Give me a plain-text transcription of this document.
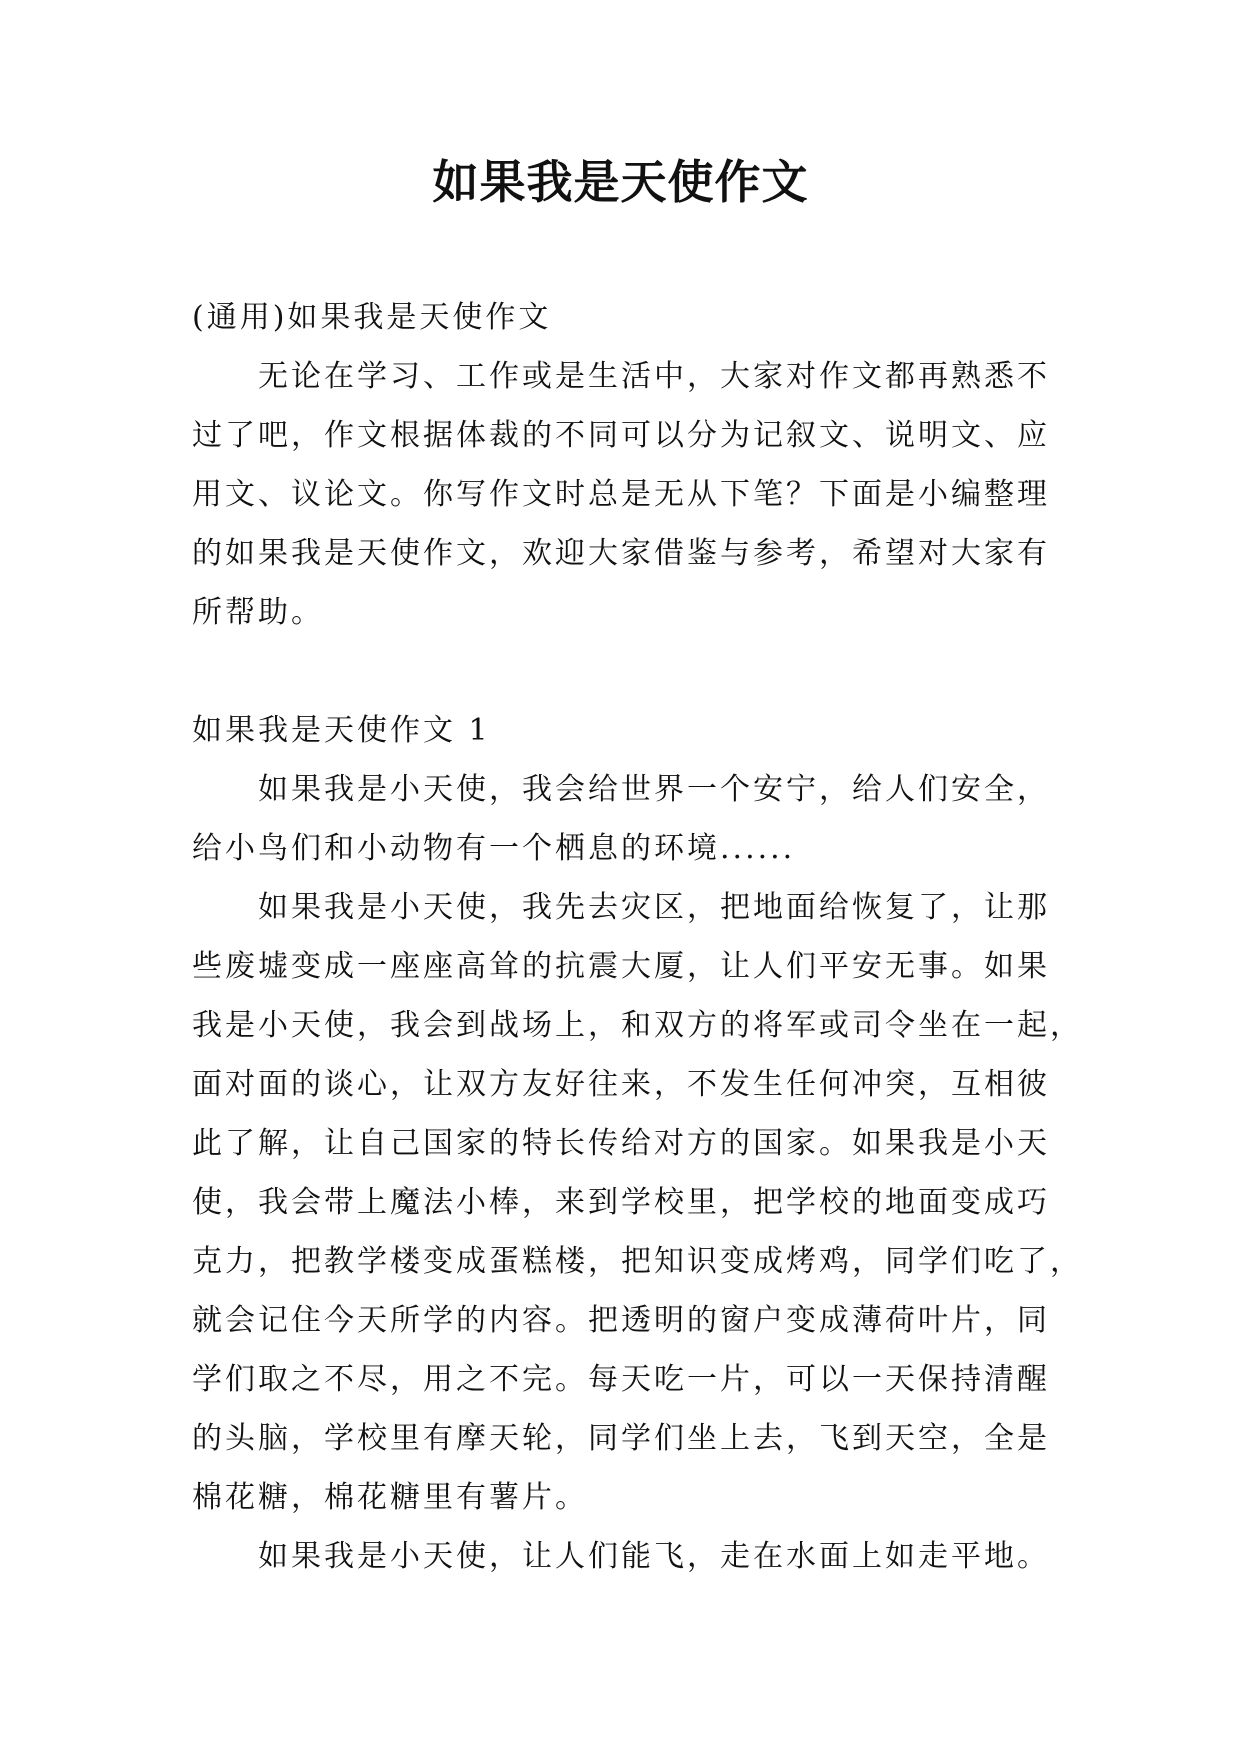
如果我是天使作文
(通用)如果我是天使作文
无论在学习、工作或是生活中，大家对作文都再熟悉不
过了吧，作文根据体裁的不同可以分为记叙文、说明文、应
用文、议论文。你写作文时总是无从下笔？下面是小编整理
的如果我是天使作文，欢迎大家借鉴与参考，希望对大家有
所帮助。
如果我是天使作文 1
如果我是小天使，我会给世界一个安宁，给人们安全，
给小鸟们和小动物有一个栖息的环境......
如果我是小天使，我先去灾区，把地面给恢复了，让那
些废墟变成一座座高耸的抗震大厦，让人们平安无事。如果
我是小天使，我会到战场上，和双方的将军或司令坐在一起，
面对面的谈心，让双方友好往来，不发生任何冲突，互相彼
此了解，让自己国家的特长传给对方的国家。如果我是小天
使，我会带上魔法小棒，来到学校里，把学校的地面变成巧
克力，把教学楼变成蛋糕楼，把知识变成烤鸡，同学们吃了，
就会记住今天所学的内容。把透明的窗户变成薄荷叶片，同
学们取之不尽，用之不完。每天吃一片，可以一天保持清醒
的头脑，学校里有摩天轮，同学们坐上去，飞到天空，全是
棉花糖，棉花糖里有薯片。
如果我是小天使，让人们能飞，走在水面上如走平地。
